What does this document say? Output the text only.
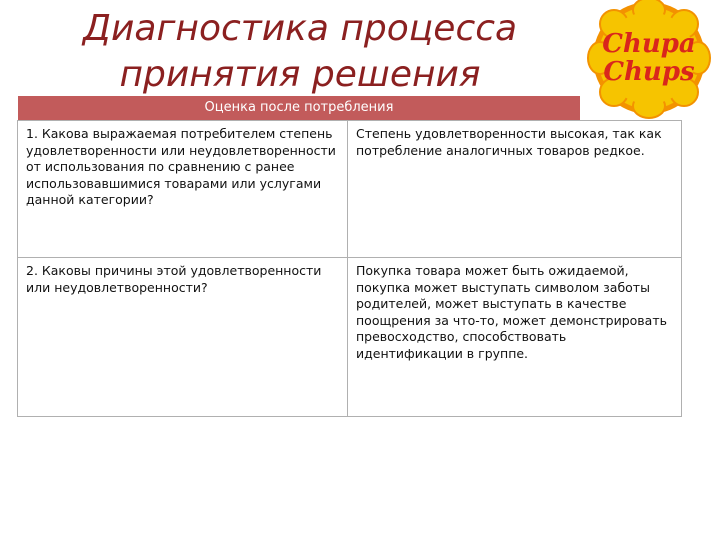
Диагностика процесса
принятия решения
Chupa
Chups
Оценка после потребления
1. Какова выражаемая потребителем степень удовлетворенности или неудовлетворенности от использования по сравнению с ранее использовавшимися товарами или услугами данной категории?	Степень удовлетворенности высокая, так как потребление аналогичных товаров редкое.
2. Каковы причины этой удовлетворенности или неудовлетворенности?	Покупка товара может быть ожидаемой, покупка может выступать символом заботы родителей, может выступать в качестве поощрения за что-то, может демонстрировать превосходство, способствовать идентификации в группе.
